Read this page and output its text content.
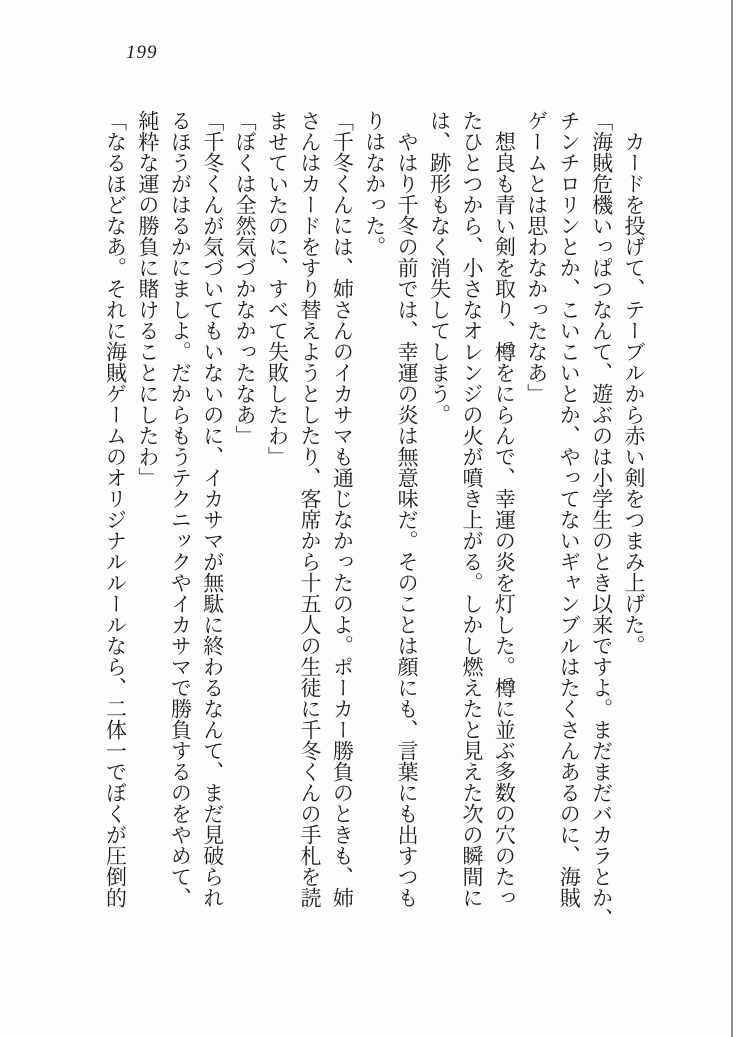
199
カードを投げて、テーブルから赤い剣をつまみ上げた。
「海賊危機いっぱつなんて、遊ぶのは小学生のとき以来ですよ。まだまだバカラとか、
チンチロリンとか、こいこいとか、やってないギャンブルはたくさんあるのに、海賊
ゲームとは思わなかったなあ」
想良も青い剣を取り、樽をにらんで、幸運の炎を灯した。樽に並ぶ多数の穴のたっ
たひとつから、小さなオレンジの火が噴き上がる。しかし燃えたと見えた次の瞬間に
は、跡形もなく消失してしまう。
やはり千冬の前では、幸運の炎は無意味だ。そのことは顔にも、言葉にも出すつも
りはなかった。
「千冬くんには、姉さんのイカサマも通じなかったのよ。ポーカー勝負のときも、姉
さんはカードをすり替えようとしたり、客席から十五人の生徒に千冬くんの手札を読
ませていたのに、すべて失敗したわ」
「ぼくは全然気づかなかったなあ」
「千冬くんが気づいてもいないのに、イカサマが無駄に終わるなんて、まだ見破られ
るほうがはるかにましよ。だからもうテクニックやイカサマで勝負するのをやめて、
純粋な運の勝負に賭けることにしたわ」
「なるほどなあ。それに海賊ゲームのオリジナルルールなら、二体一でぼくが圧倒的
